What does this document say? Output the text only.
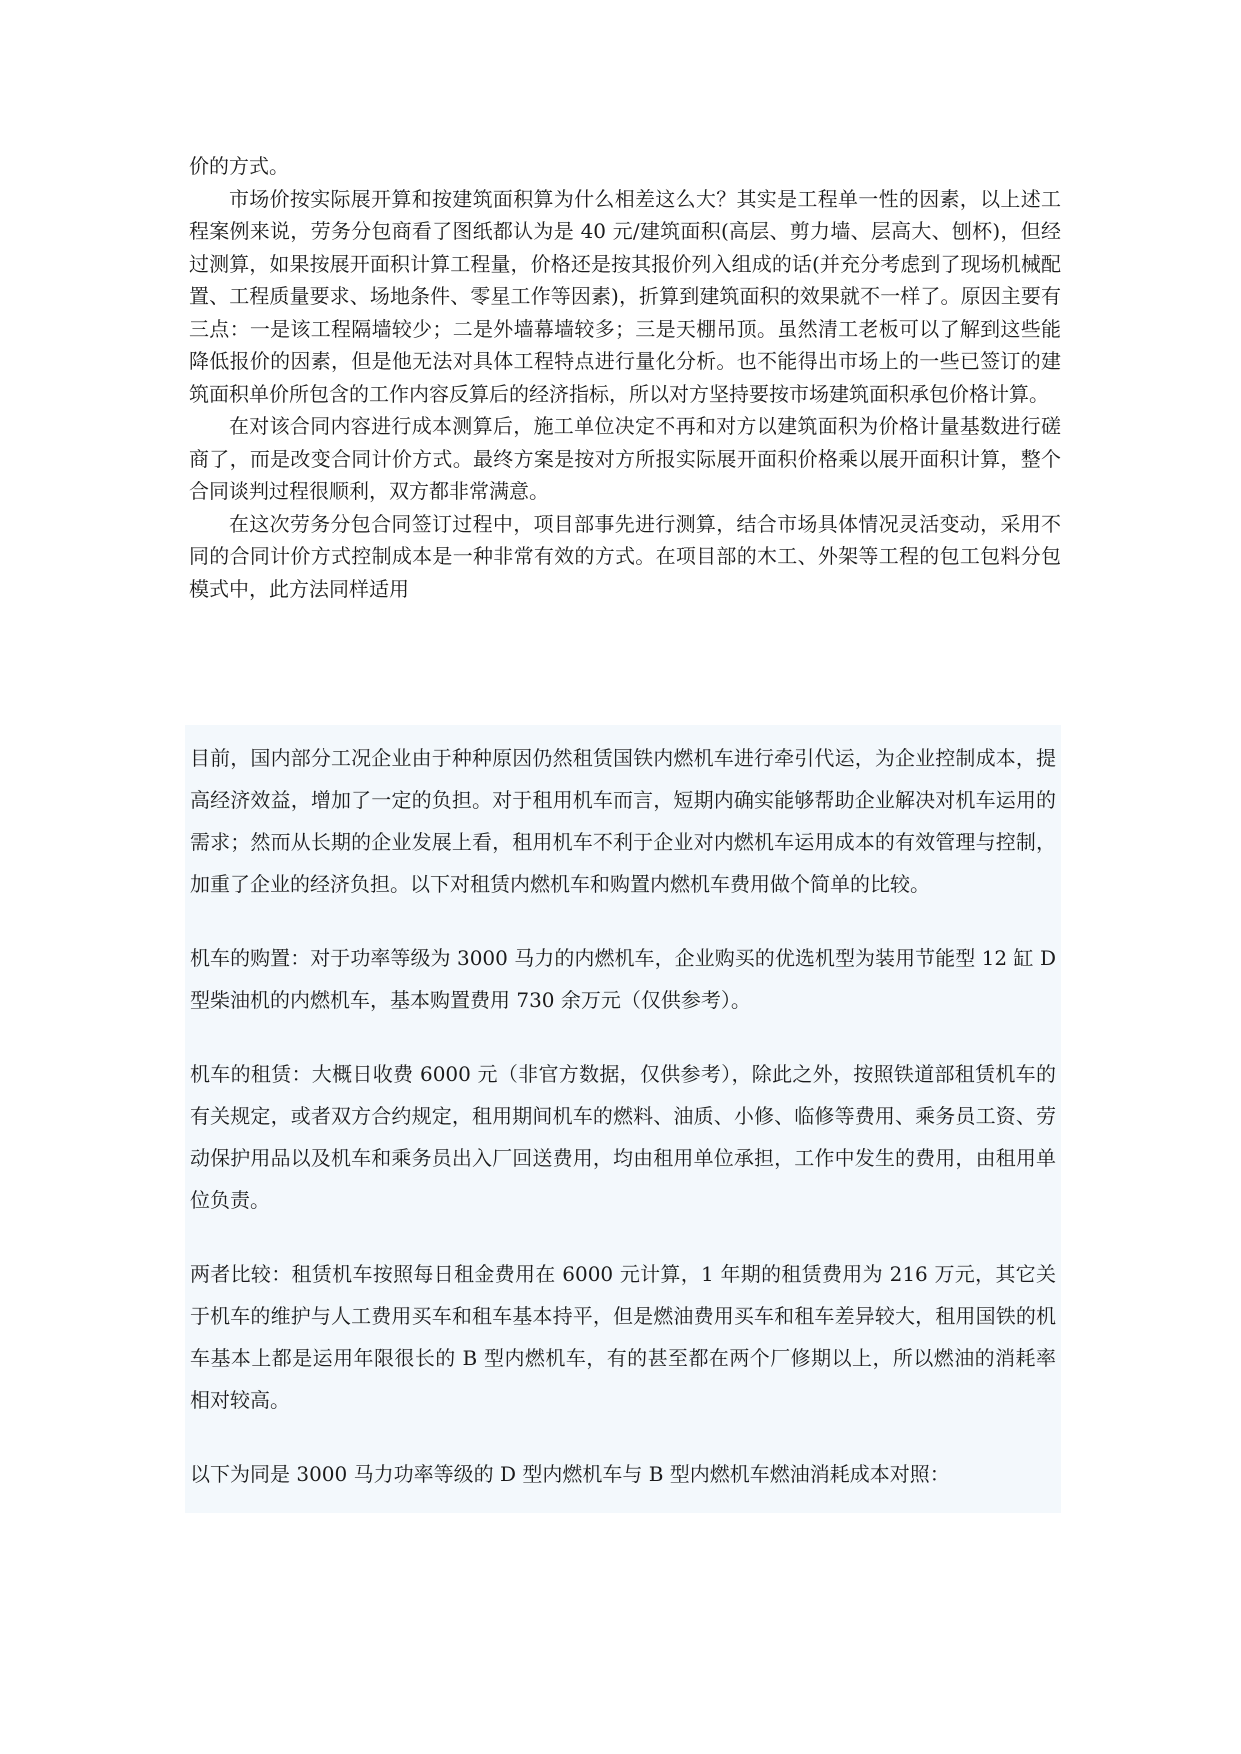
价的方式。

市场价按实际展开算和按建筑面积算为什么相差这么大？其实是工程单一性的因素，以上述工程案例来说，劳务分包商看了图纸都认为是 40 元/建筑面积(高层、剪力墙、层高大、刨杯)，但经过测算，如果按展开面积计算工程量，价格还是按其报价列入组成的话(并充分考虑到了现场机械配置、工程质量要求、场地条件、零星工作等因素)，折算到建筑面积的效果就不一样了。原因主要有三点：一是该工程隔墙较少；二是外墙幕墙较多；三是天棚吊顶。虽然清工老板可以了解到这些能降低报价的因素，但是他无法对具体工程特点进行量化分析。也不能得出市场上的一些已签订的建筑面积单价所包含的工作内容反算后的经济指标，所以对方坚持要按市场建筑面积承包价格计算。

在对该合同内容进行成本测算后，施工单位决定不再和对方以建筑面积为价格计量基数进行磋商了，而是改变合同计价方式。最终方案是按对方所报实际展开面积价格乘以展开面积计算，整个合同谈判过程很顺利，双方都非常满意。

在这次劳务分包合同签订过程中，项目部事先进行测算，结合市场具体情况灵活变动，采用不同的合同计价方式控制成本是一种非常有效的方式。在项目部的木工、外架等工程的包工包料分包模式中，此方法同样适用

目前，国内部分工况企业由于种种原因仍然租赁国铁内燃机车进行牵引代运，为企业控制成本，提高经济效益，增加了一定的负担。对于租用机车而言，短期内确实能够帮助企业解决对机车运用的需求；然而从长期的企业发展上看，租用机车不利于企业对内燃机车运用成本的有效管理与控制，加重了企业的经济负担。以下对租赁内燃机车和购置内燃机车费用做个简单的比较。

机车的购置：对于功率等级为 3000 马力的内燃机车，企业购买的优选机型为装用节能型 12 缸 D 型柴油机的内燃机车，基本购置费用 730 余万元（仅供参考）。

机车的租赁：大概日收费 6000 元（非官方数据，仅供参考），除此之外，按照铁道部租赁机车的有关规定，或者双方合约规定，租用期间机车的燃料、油质、小修、临修等费用、乘务员工资、劳动保护用品以及机车和乘务员出入厂回送费用，均由租用单位承担，工作中发生的费用，由租用单位负责。

两者比较：租赁机车按照每日租金费用在 6000 元计算，1 年期的租赁费用为 216 万元，其它关于机车的维护与人工费用买车和租车基本持平，但是燃油费用买车和租车差异较大，租用国铁的机车基本上都是运用年限很长的 B 型内燃机车，有的甚至都在两个厂修期以上，所以燃油的消耗率相对较高。

以下为同是 3000 马力功率等级的 D 型内燃机车与 B 型内燃机车燃油消耗成本对照：
